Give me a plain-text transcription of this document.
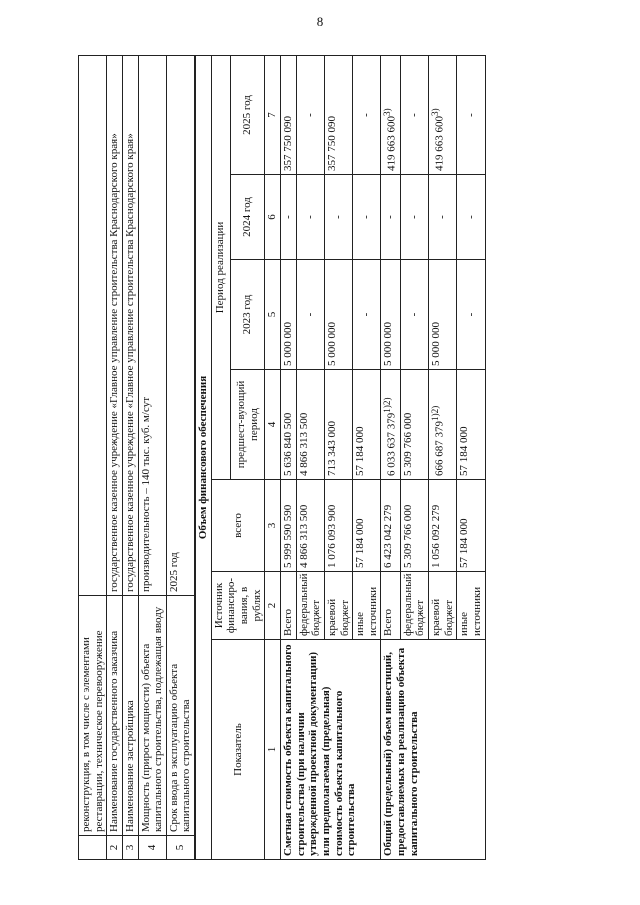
8
	реконструкция, в том числе с элементами реставрации, техническое перевооружение	
2	Наименование государственного заказчика	государственное казенное учреждение «Главное управление строительства Краснодарского края»
3	Наименование застройщика	государственное казенное учреждение «Главное управление строительства Краснодарского края»
4	Мощность (прирост мощности) объекта капитального строительства, подлежащая вводу	производительность – 140 тыс. куб. м/сут
5	Срок ввода в эксплуатацию объекта капитального строительства	2025 год
Объем финансового обеспечения						
Показатель	Источник финансиро-вания, в рублях	всего	Период реализации			
			предшест-вующий период	2023 год	2024 год	2025 год
1	2	3	4	5	6	7
Сметная стоимость объекта капитального строительства (при наличии утвержденной проектной документации) или предполагаемая (предельная) стоимость объекта капитального строительства	Всего	5 999 590 590	5 636 840 500	5 000 000	-	357 750 090
	федеральный бюджет	4 866 313 500	4 866 313 500	-	-	-
	краевой бюджет	1 076 093 900	713 343 000	5 000 000	-	357 750 090
	иные источники	57 184 000	57 184 000	-	-	-
Общий (предельный) объем инвестиций, предоставляемых на реализацию объекта капитального строительства	Всего	6 423 042 279	6 033 637 $379^{1)2)}$	5 000 000	-	419 663 600$^{3)}$
	федеральный бюджет	5 309 766 000	5 309 766 000	-	-	-
	краевой бюджет	1 056 092 279	666 687 $379^{1)2)}$	5 000 000	-	419 663 600$^{3)}$
	иные источники	57 184 000	57 184 000	-	-	-
